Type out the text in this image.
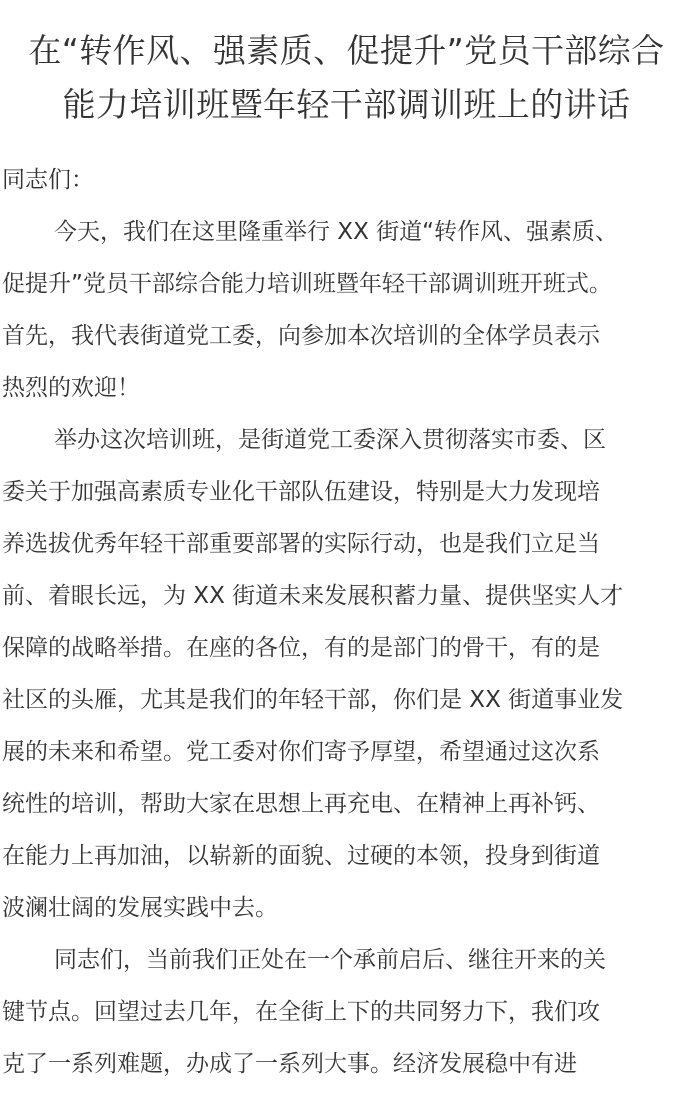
在“转作风、强素质、促提升”党员干部综合
能力培训班暨年轻干部调训班上的讲话
同志们：
今天，我们在这里隆重举行 XX 街道“转作风、强素质、
促提升”党员干部综合能力培训班暨年轻干部调训班开班式。
首先，我代表街道党工委，向参加本次培训的全体学员表示
热烈的欢迎！
举办这次培训班，是街道党工委深入贯彻落实市委、区
委关于加强高素质专业化干部队伍建设，特别是大力发现培
养选拔优秀年轻干部重要部署的实际行动，也是我们立足当
前、着眼长远，为 XX 街道未来发展积蓄力量、提供坚实人才
保障的战略举措。在座的各位，有的是部门的骨干，有的是
社区的头雁，尤其是我们的年轻干部，你们是 XX 街道事业发
展的未来和希望。党工委对你们寄予厚望，希望通过这次系
统性的培训，帮助大家在思想上再充电、在精神上再补钙、
在能力上再加油，以崭新的面貌、过硬的本领，投身到街道
波澜壮阔的发展实践中去。
同志们，当前我们正处在一个承前启后、继往开来的关
键节点。回望过去几年，在全街上下的共同努力下，我们攻
克了一系列难题，办成了一系列大事。经济发展稳中有进
